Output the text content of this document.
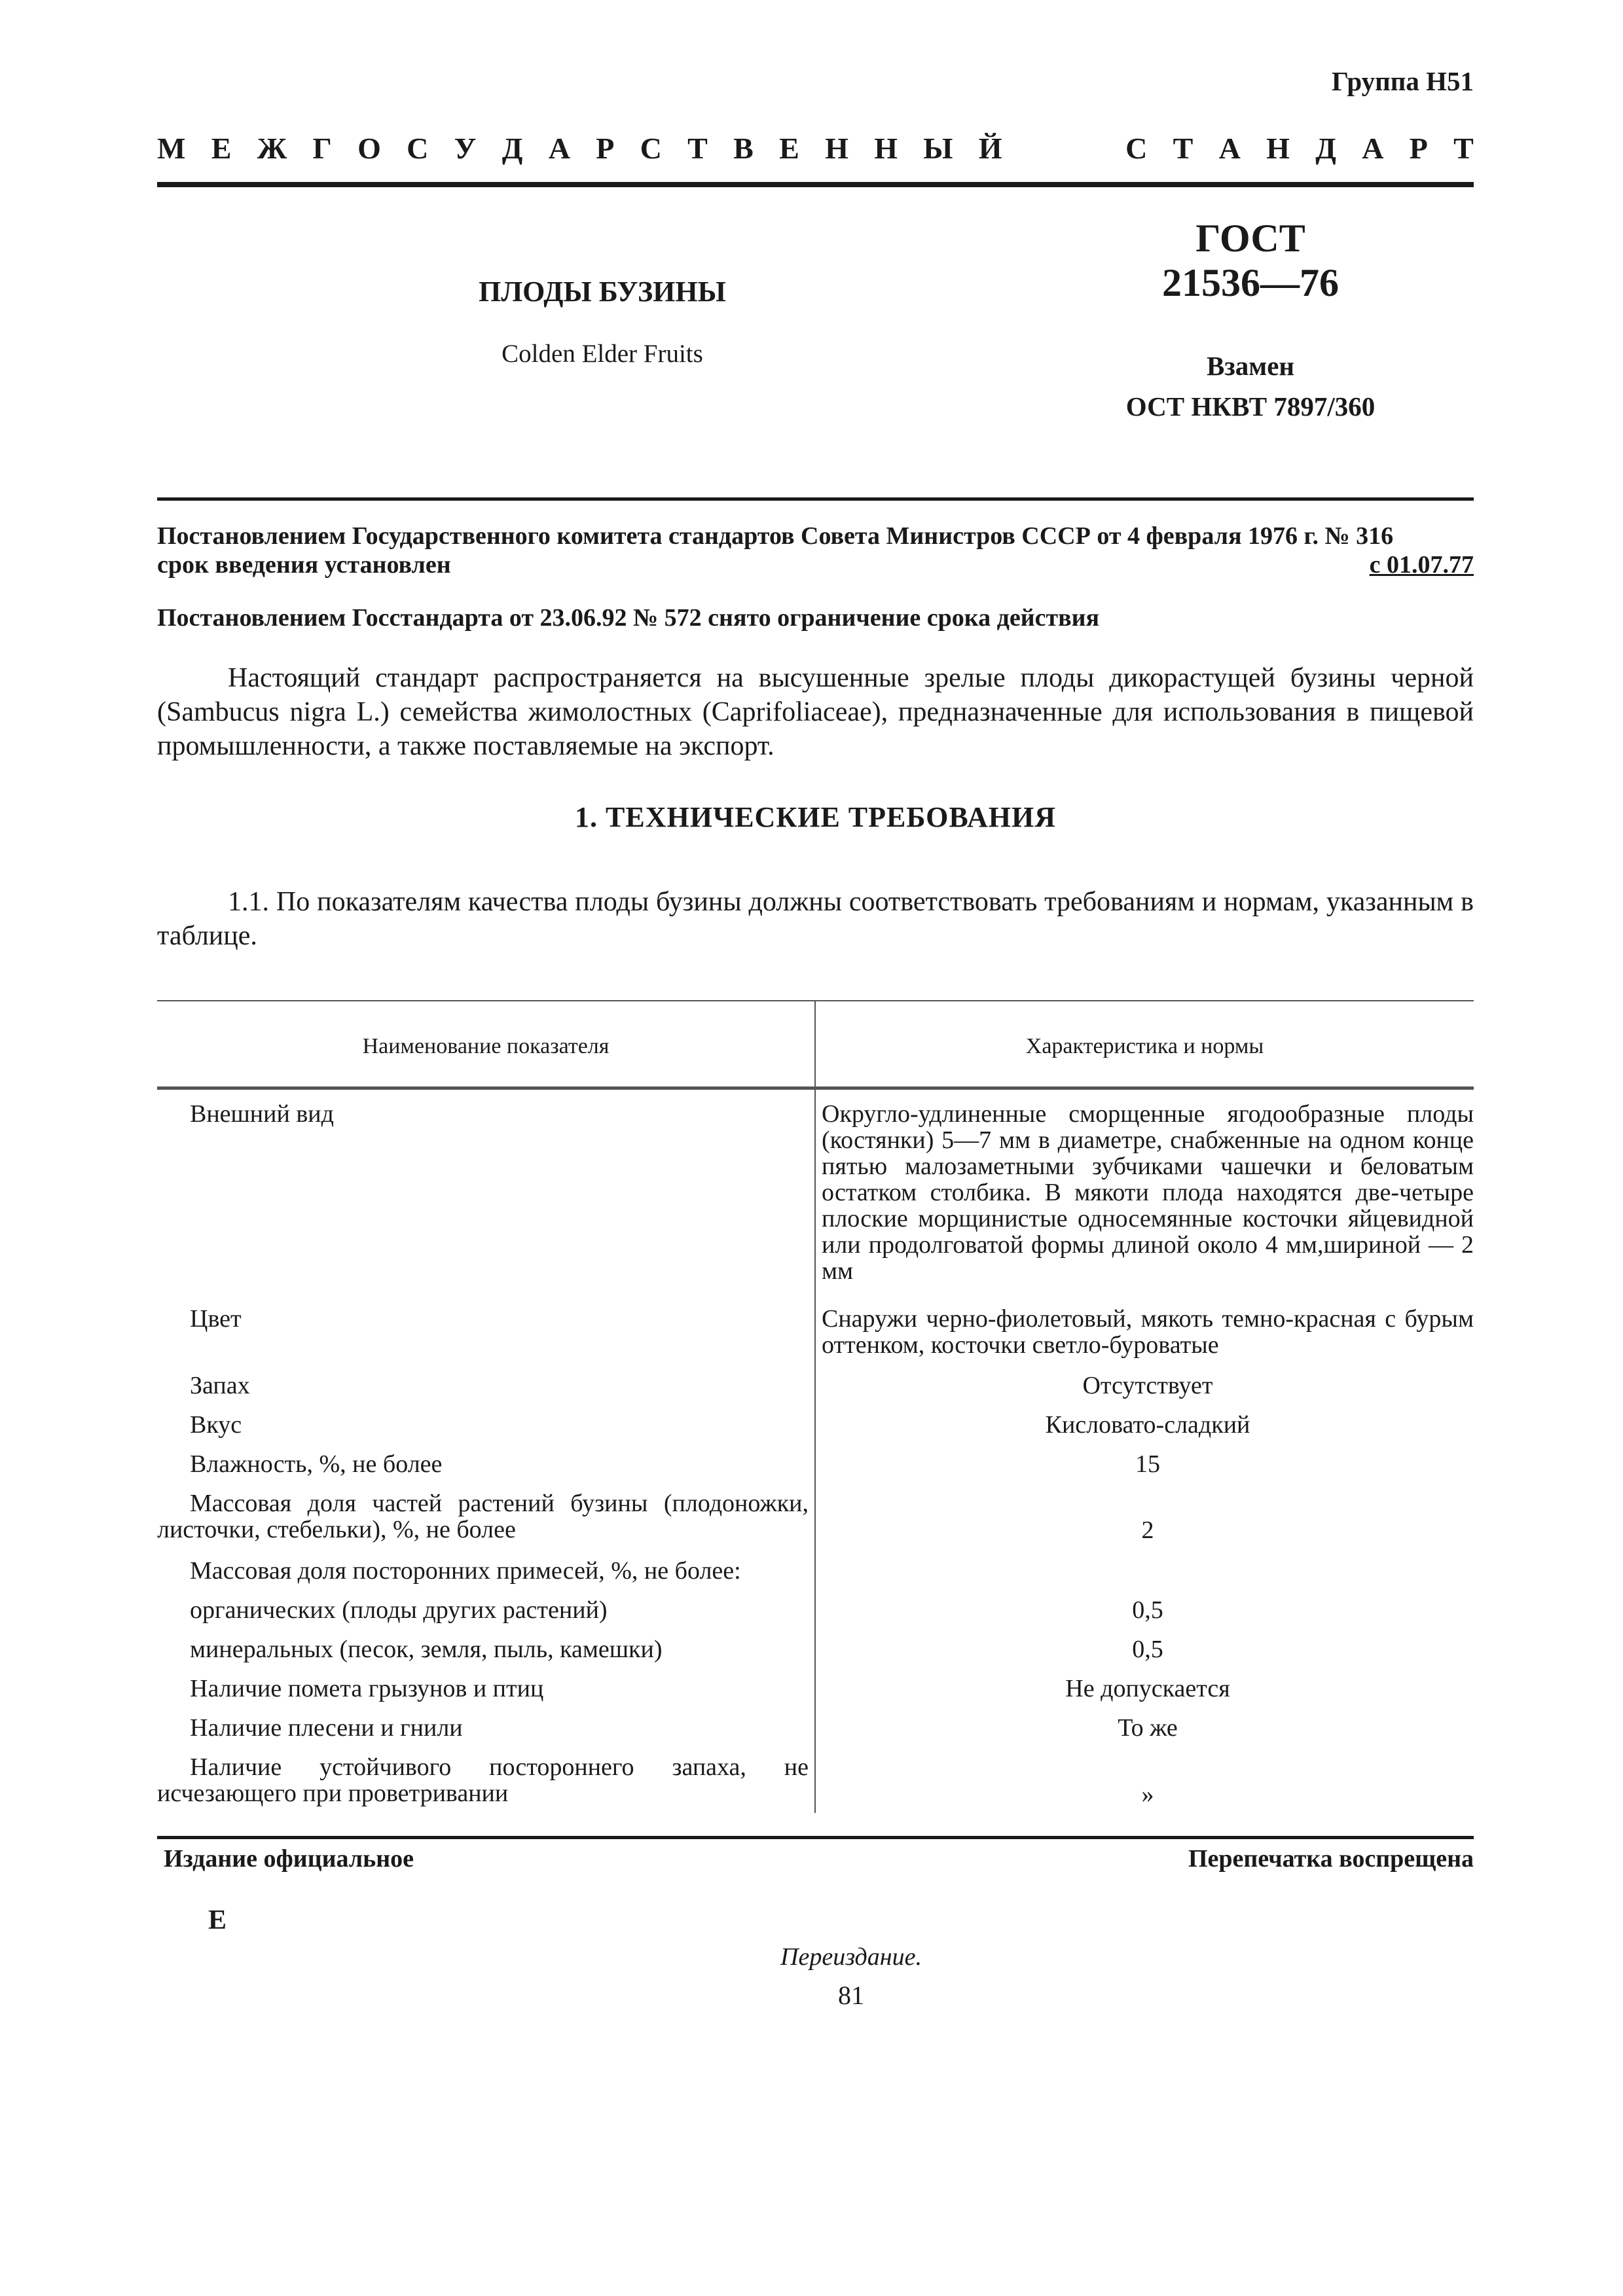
Группа Н51
М Е Ж Г О С У Д А Р С Т В Е Н Н Ы Й	С Т А Н Д А Р Т
ПЛОДЫ БУЗИНЫ
Colden Elder Fruits
ГОСТ
21536—76
Взамен
ОСТ НКВТ 7897/360
Постановлением Государственного комитета стандартов Совета Министров СССР от 4 февраля 1976 г. № 316
срок введения установлен	с 01.07.77
Постановлением Госстандарта от 23.06.92 № 572 снято ограничение срока действия
Настоящий стандарт распространяется на высушенные зрелые плоды дикорастущей бузины черной (Sambucus nigra L.) семейства жимолостных (Caprifoliaceae), предназначенные для использования в пищевой промышленности, а также поставляемые на экспорт.
1. ТЕХНИЧЕСКИЕ ТРЕБОВАНИЯ
1.1. По показателям качества плоды бузины должны соответствовать требованиям и нормам, указанным в таблице.
Наименование показателя	Характеристика и нормы
Внешний вид	Округло-удлиненные сморщенные ягодообразные плоды (костянки) 5—7 мм в диаметре, снабженные на одном конце пятью малозаметными зубчиками чашечки и беловатым остатком столбика. В мякоти плода находятся две-четыре плоские морщинистые односемянные косточки яйцевидной или продолговатой формы длиной около 4 мм,шириной — 2 мм
Цвет	Снаружи черно-фиолетовый, мякоть темно-красная с бурым оттенком, косточки светло-буроватые
Запах	Отсутствует
Вкус	Кисловато-сладкий
Влажность, %, не более	15
Массовая доля частей растений бузины (плодоножки, листочки, стебельки), %, не более	2
Массовая доля посторонних примесей, %, не более:
органических (плоды других растений)	0,5
минеральных (песок, земля, пыль, камешки)	0,5
Наличие помета грызунов и птиц	Не допускается
Наличие плесени и гнили	То же
Наличие устойчивого постороннего запаха, не исчезающего при проветривании	»
Издание официальное	Перепечатка воспрещена
Е
Переиздание.
81
